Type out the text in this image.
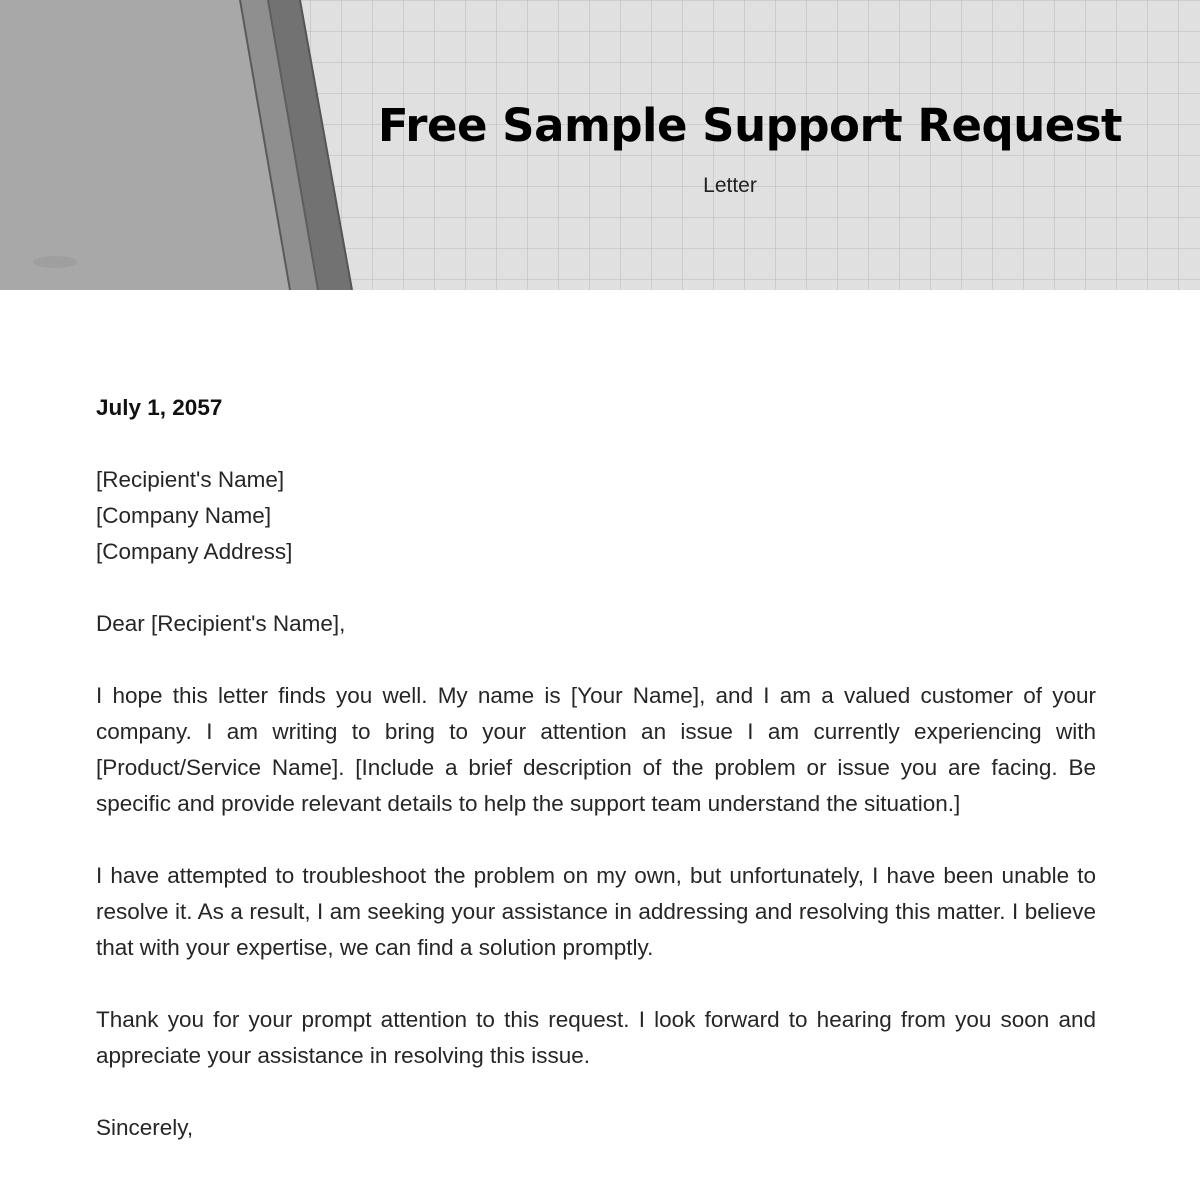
Free Sample Support Request
Letter

July 1, 2057

[Recipient's Name]
[Company Name]
[Company Address]

Dear [Recipient's Name],

I hope this letter finds you well. My name is [Your Name], and I am a valued customer of your company. I am writing to bring to your attention an issue I am currently experiencing with [Product/Service Name]. [Include a brief description of the problem or issue you are facing. Be specific and provide relevant details to help the support team understand the situation.]

I have attempted to troubleshoot the problem on my own, but unfortunately, I have been unable to resolve it. As a result, I am seeking your assistance in addressing and resolving this matter. I believe that with your expertise, we can find a solution promptly.

Thank you for your prompt attention to this request. I look forward to hearing from you soon and appreciate your assistance in resolving this issue.

Sincerely,
